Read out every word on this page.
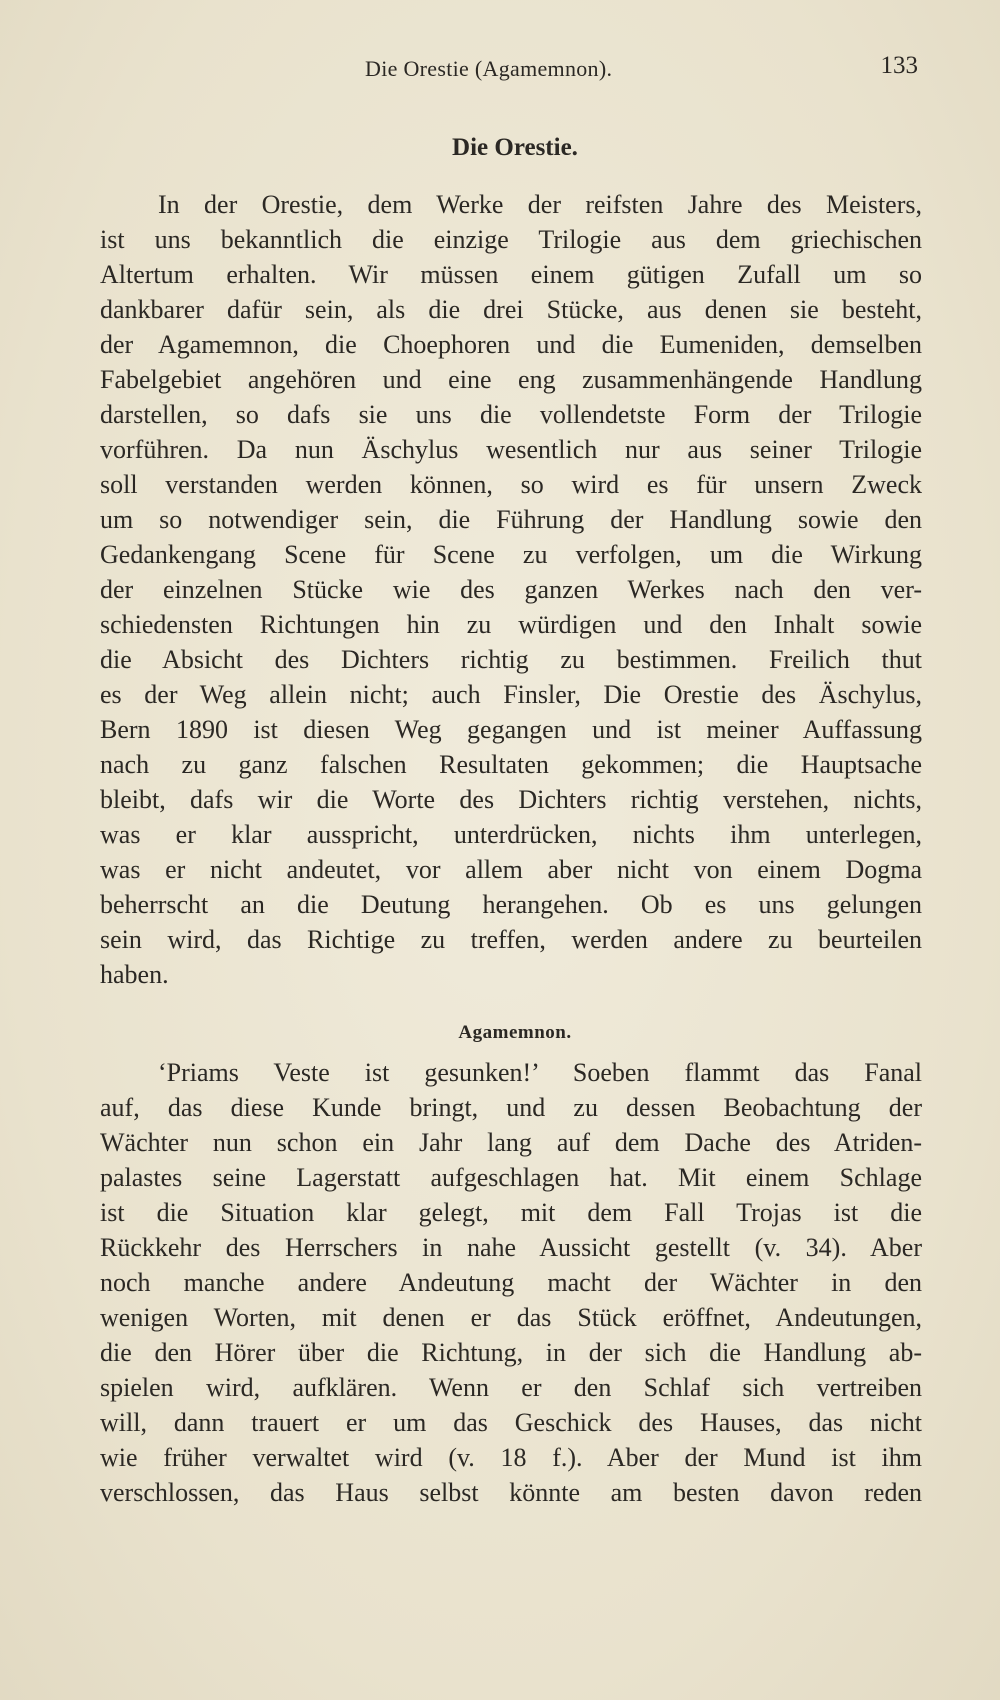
Die Orestie (Agamemnon).	133
Die Orestie.
In der Orestie, dem Werke der reifsten Jahre des Meisters,
ist uns bekanntlich die einzige Trilogie aus dem griechischen
Altertum erhalten. Wir müssen einem gütigen Zufall um so
dankbarer dafür sein, als die drei Stücke, aus denen sie besteht,
der Agamemnon, die Choephoren und die Eumeniden, demselben
Fabelgebiet angehören und eine eng zusammenhängende Handlung
darstellen, so dafs sie uns die vollendetste Form der Trilogie
vorführen. Da nun Äschylus wesentlich nur aus seiner Trilogie
soll verstanden werden können, so wird es für unsern Zweck
um so notwendiger sein, die Führung der Handlung sowie den
Gedankengang Scene für Scene zu verfolgen, um die Wirkung
der einzelnen Stücke wie des ganzen Werkes nach den ver-
schiedensten Richtungen hin zu würdigen und den Inhalt sowie
die Absicht des Dichters richtig zu bestimmen. Freilich thut
es der Weg allein nicht; auch Finsler, Die Orestie des Äschylus,
Bern 1890 ist diesen Weg gegangen und ist meiner Auffassung
nach zu ganz falschen Resultaten gekommen; die Hauptsache
bleibt, dafs wir die Worte des Dichters richtig verstehen, nichts,
was er klar ausspricht, unterdrücken, nichts ihm unterlegen,
was er nicht andeutet, vor allem aber nicht von einem Dogma
beherrscht an die Deutung herangehen. Ob es uns gelungen
sein wird, das Richtige zu treffen, werden andere zu beurteilen
haben.
Agamemnon.
‘Priams Veste ist gesunken!’ Soeben flammt das Fanal
auf, das diese Kunde bringt, und zu dessen Beobachtung der
Wächter nun schon ein Jahr lang auf dem Dache des Atriden-
palastes seine Lagerstatt aufgeschlagen hat. Mit einem Schlage
ist die Situation klar gelegt, mit dem Fall Trojas ist die
Rückkehr des Herrschers in nahe Aussicht gestellt (v. 34). Aber
noch manche andere Andeutung macht der Wächter in den
wenigen Worten, mit denen er das Stück eröffnet, Andeutungen,
die den Hörer über die Richtung, in der sich die Handlung ab-
spielen wird, aufklären. Wenn er den Schlaf sich vertreiben
will, dann trauert er um das Geschick des Hauses, das nicht
wie früher verwaltet wird (v. 18 f.). Aber der Mund ist ihm
verschlossen, das Haus selbst könnte am besten davon reden
